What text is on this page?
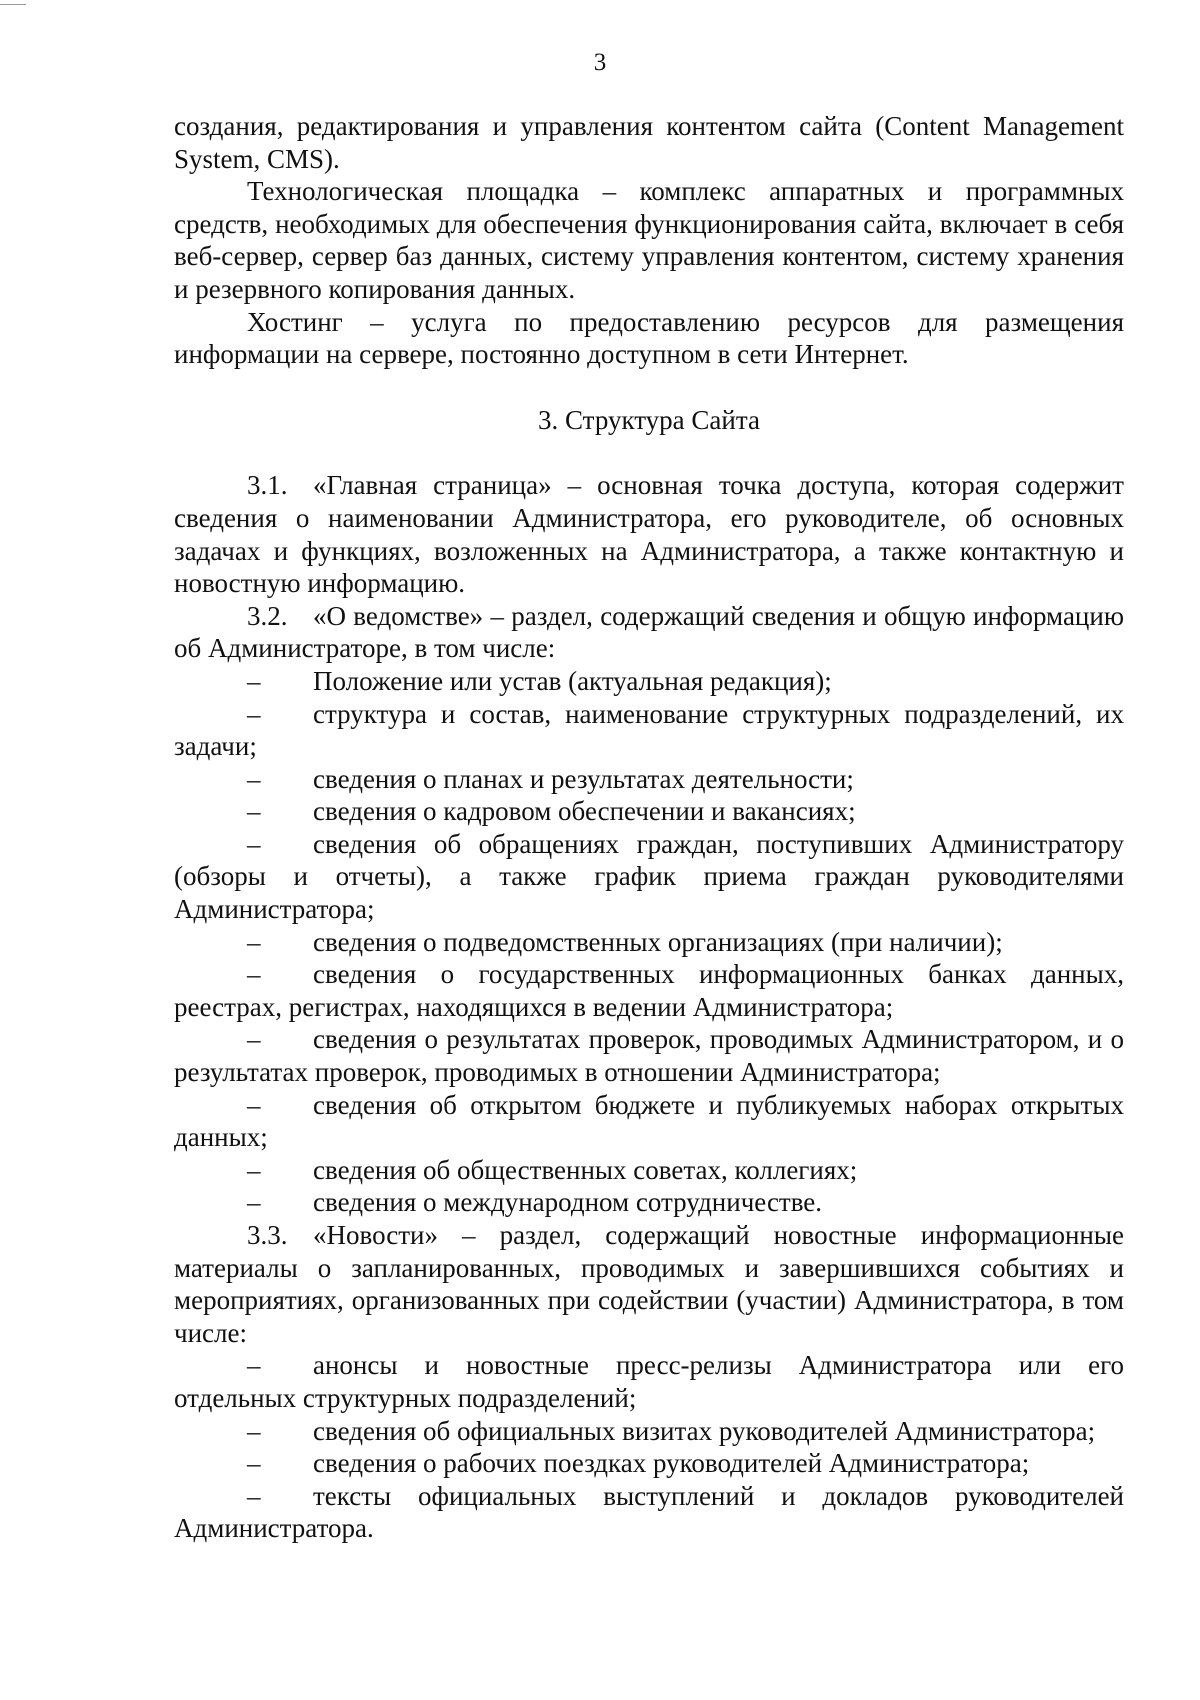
3

создания, редактирования и управления контентом сайта (Content Management System, CMS).

Технологическая площадка – комплекс аппаратных и программных средств, необходимых для обеспечения функционирования сайта, включает в себя веб-сервер, сервер баз данных, систему управления контентом, систему хранения и резервного копирования данных.

Хостинг – услуга по предоставлению ресурсов для размещения информации на сервере, постоянно доступном в сети Интернет.

3. Структура Сайта

3.1. «Главная страница» – основная точка доступа, которая содержит сведения о наименовании Администратора, его руководителе, об основных задачах и функциях, возложенных на Администратора, а также контактную и новостную информацию.

3.2. «О ведомстве» – раздел, содержащий сведения и общую информацию об Администраторе, в том числе:

– Положение или устав (актуальная редакция);

– структура и состав, наименование структурных подразделений, их задачи;

– сведения о планах и результатах деятельности;

– сведения о кадровом обеспечении и вакансиях;

– сведения об обращениях граждан, поступивших Администратору (обзоры и отчеты), а также график приема граждан руководителями Администратора;

– сведения о подведомственных организациях (при наличии);

– сведения о государственных информационных банках данных, реестрах, регистрах, находящихся в ведении Администратора;

– сведения о результатах проверок, проводимых Администратором, и о результатах проверок, проводимых в отношении Администратора;

– сведения об открытом бюджете и публикуемых наборах открытых данных;

– сведения об общественных советах, коллегиях;

– сведения о международном сотрудничестве.

3.3. «Новости» – раздел, содержащий новостные информационные материалы о запланированных, проводимых и завершившихся событиях и мероприятиях, организованных при содействии (участии) Администратора, в том числе:

– анонсы и новостные пресс-релизы Администратора или его отдельных структурных подразделений;

– сведения об официальных визитах руководителей Администратора;

– сведения о рабочих поездках руководителей Администратора;

– тексты официальных выступлений и докладов руководителей Администратора.
